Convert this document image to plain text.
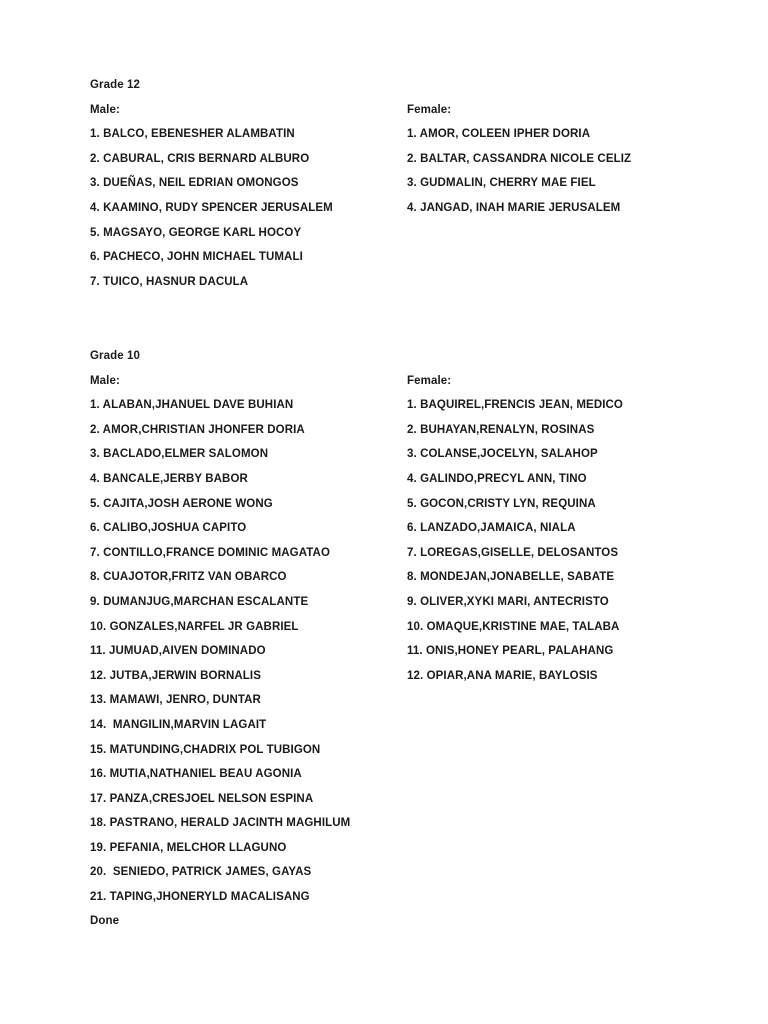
Grade 12
Male:
1. BALCO, EBENESHER ALAMBATIN
2. CABURAL, CRIS BERNARD ALBURO
3. DUEÑAS, NEIL EDRIAN OMONGOS
4. KAAMINO, RUDY SPENCER JERUSALEM
5. MAGSAYO, GEORGE KARL HOCOY
6. PACHECO, JOHN MICHAEL TUMALI
7. TUICO, HASNUR DACULA
Female:
1. AMOR, COLEEN IPHER DORIA
2. BALTAR, CASSANDRA NICOLE CELIZ
3. GUDMALIN, CHERRY MAE FIEL
4. JANGAD, INAH MARIE JERUSALEM
Grade 10
Male:
1. ALABAN,JHANUEL DAVE BUHIAN
2. AMOR,CHRISTIAN JHONFER DORIA
3. BACLADO,ELMER SALOMON
4. BANCALE,JERBY BABOR
5. CAJITA,JOSH AERONE WONG
6. CALIBO,JOSHUA CAPITO
7. CONTILLO,FRANCE DOMINIC MAGATAO
8. CUAJOTOR,FRITZ VAN OBARCO
9. DUMANJUG,MARCHAN ESCALANTE
10. GONZALES,NARFEL JR GABRIEL
11. JUMUAD,AIVEN DOMINADO
12. JUTBA,JERWIN BORNALIS
13. MAMAWI, JENRO, DUNTAR
14.  MANGILIN,MARVIN LAGAIT
15. MATUNDING,CHADRIX POL TUBIGON
16. MUTIA,NATHANIEL BEAU AGONIA
17. PANZA,CRESJOEL NELSON ESPINA
18. PASTRANO, HERALD JACINTH MAGHILUM
19. PEFANIA, MELCHOR LLAGUNO
20.  SENIEDO, PATRICK JAMES, GAYAS
21. TAPING,JHONERYLD MACALISANG
Female:
1. BAQUIREL,FRENCIS JEAN, MEDICO
2. BUHAYAN,RENALYN, ROSINAS
3. COLANSE,JOCELYN, SALAHOP
4. GALINDO,PRECYL ANN, TINO
5. GOCON,CRISTY LYN, REQUINA
6. LANZADO,JAMAICA, NIALA
7. LOREGAS,GISELLE, DELOSANTOS
8. MONDEJAN,JONABELLE, SABATE
9. OLIVER,XYKI MARI, ANTECRISTO
10. OMAQUE,KRISTINE MAE, TALABA
11. ONIS,HONEY PEARL, PALAHANG
12. OPIAR,ANA MARIE, BAYLOSIS
Done
